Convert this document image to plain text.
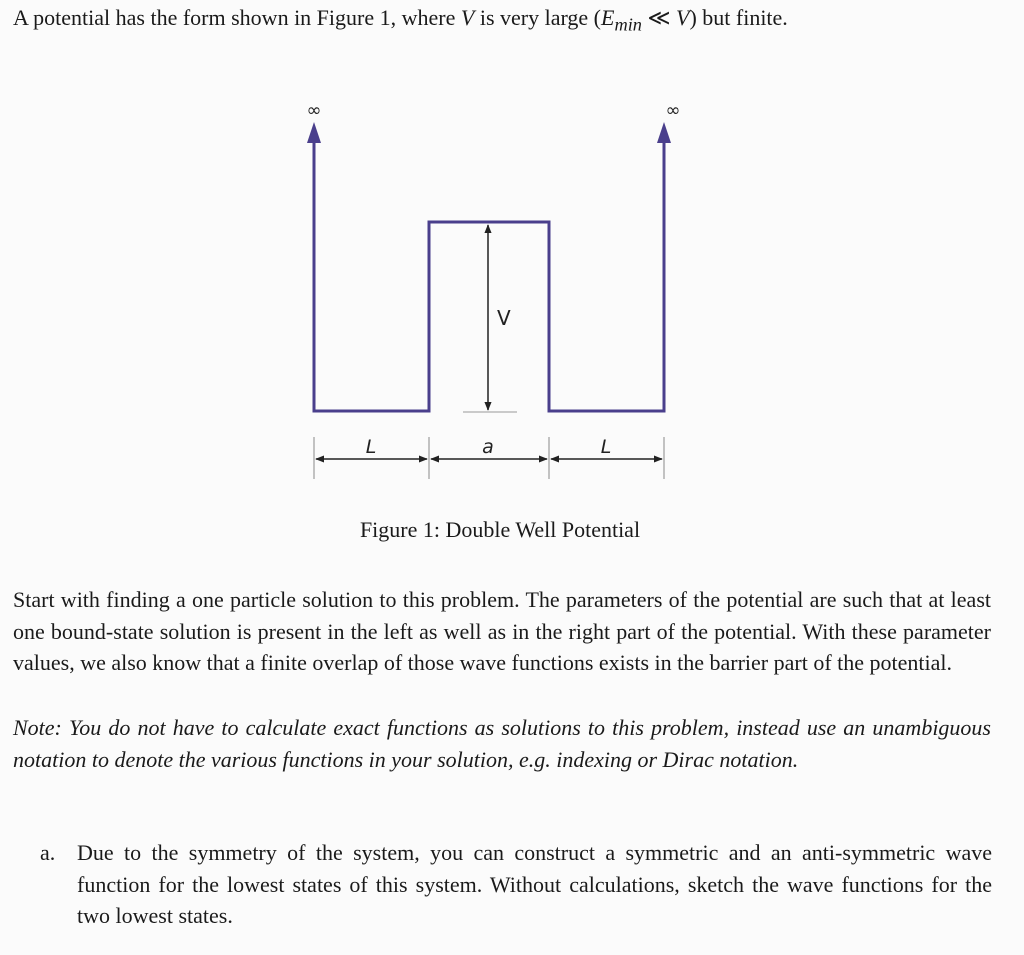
A potential has the form shown in Figure 1, where V is very large ($E_{min}$ ≪ V) but finite.

∞	∞
V
L	a	L
Figure 1: Double Well Potential

Start with finding a one particle solution to this problem. The parameters of the potential are such that at least one bound-state solution is present in the left as well as in the right part of the potential. With these parameter values, we also know that a finite overlap of those wave functions exists in the barrier part of the potential.

Note: You do not have to calculate exact functions as solutions to this problem, instead use an unambiguous notation to denote the various functions in your solution, e.g. indexing or Dirac notation.

a. Due to the symmetry of the system, you can construct a symmetric and an anti-symmetric wave function for the lowest states of this system. Without calculations, sketch the wave functions for the two lowest states.
